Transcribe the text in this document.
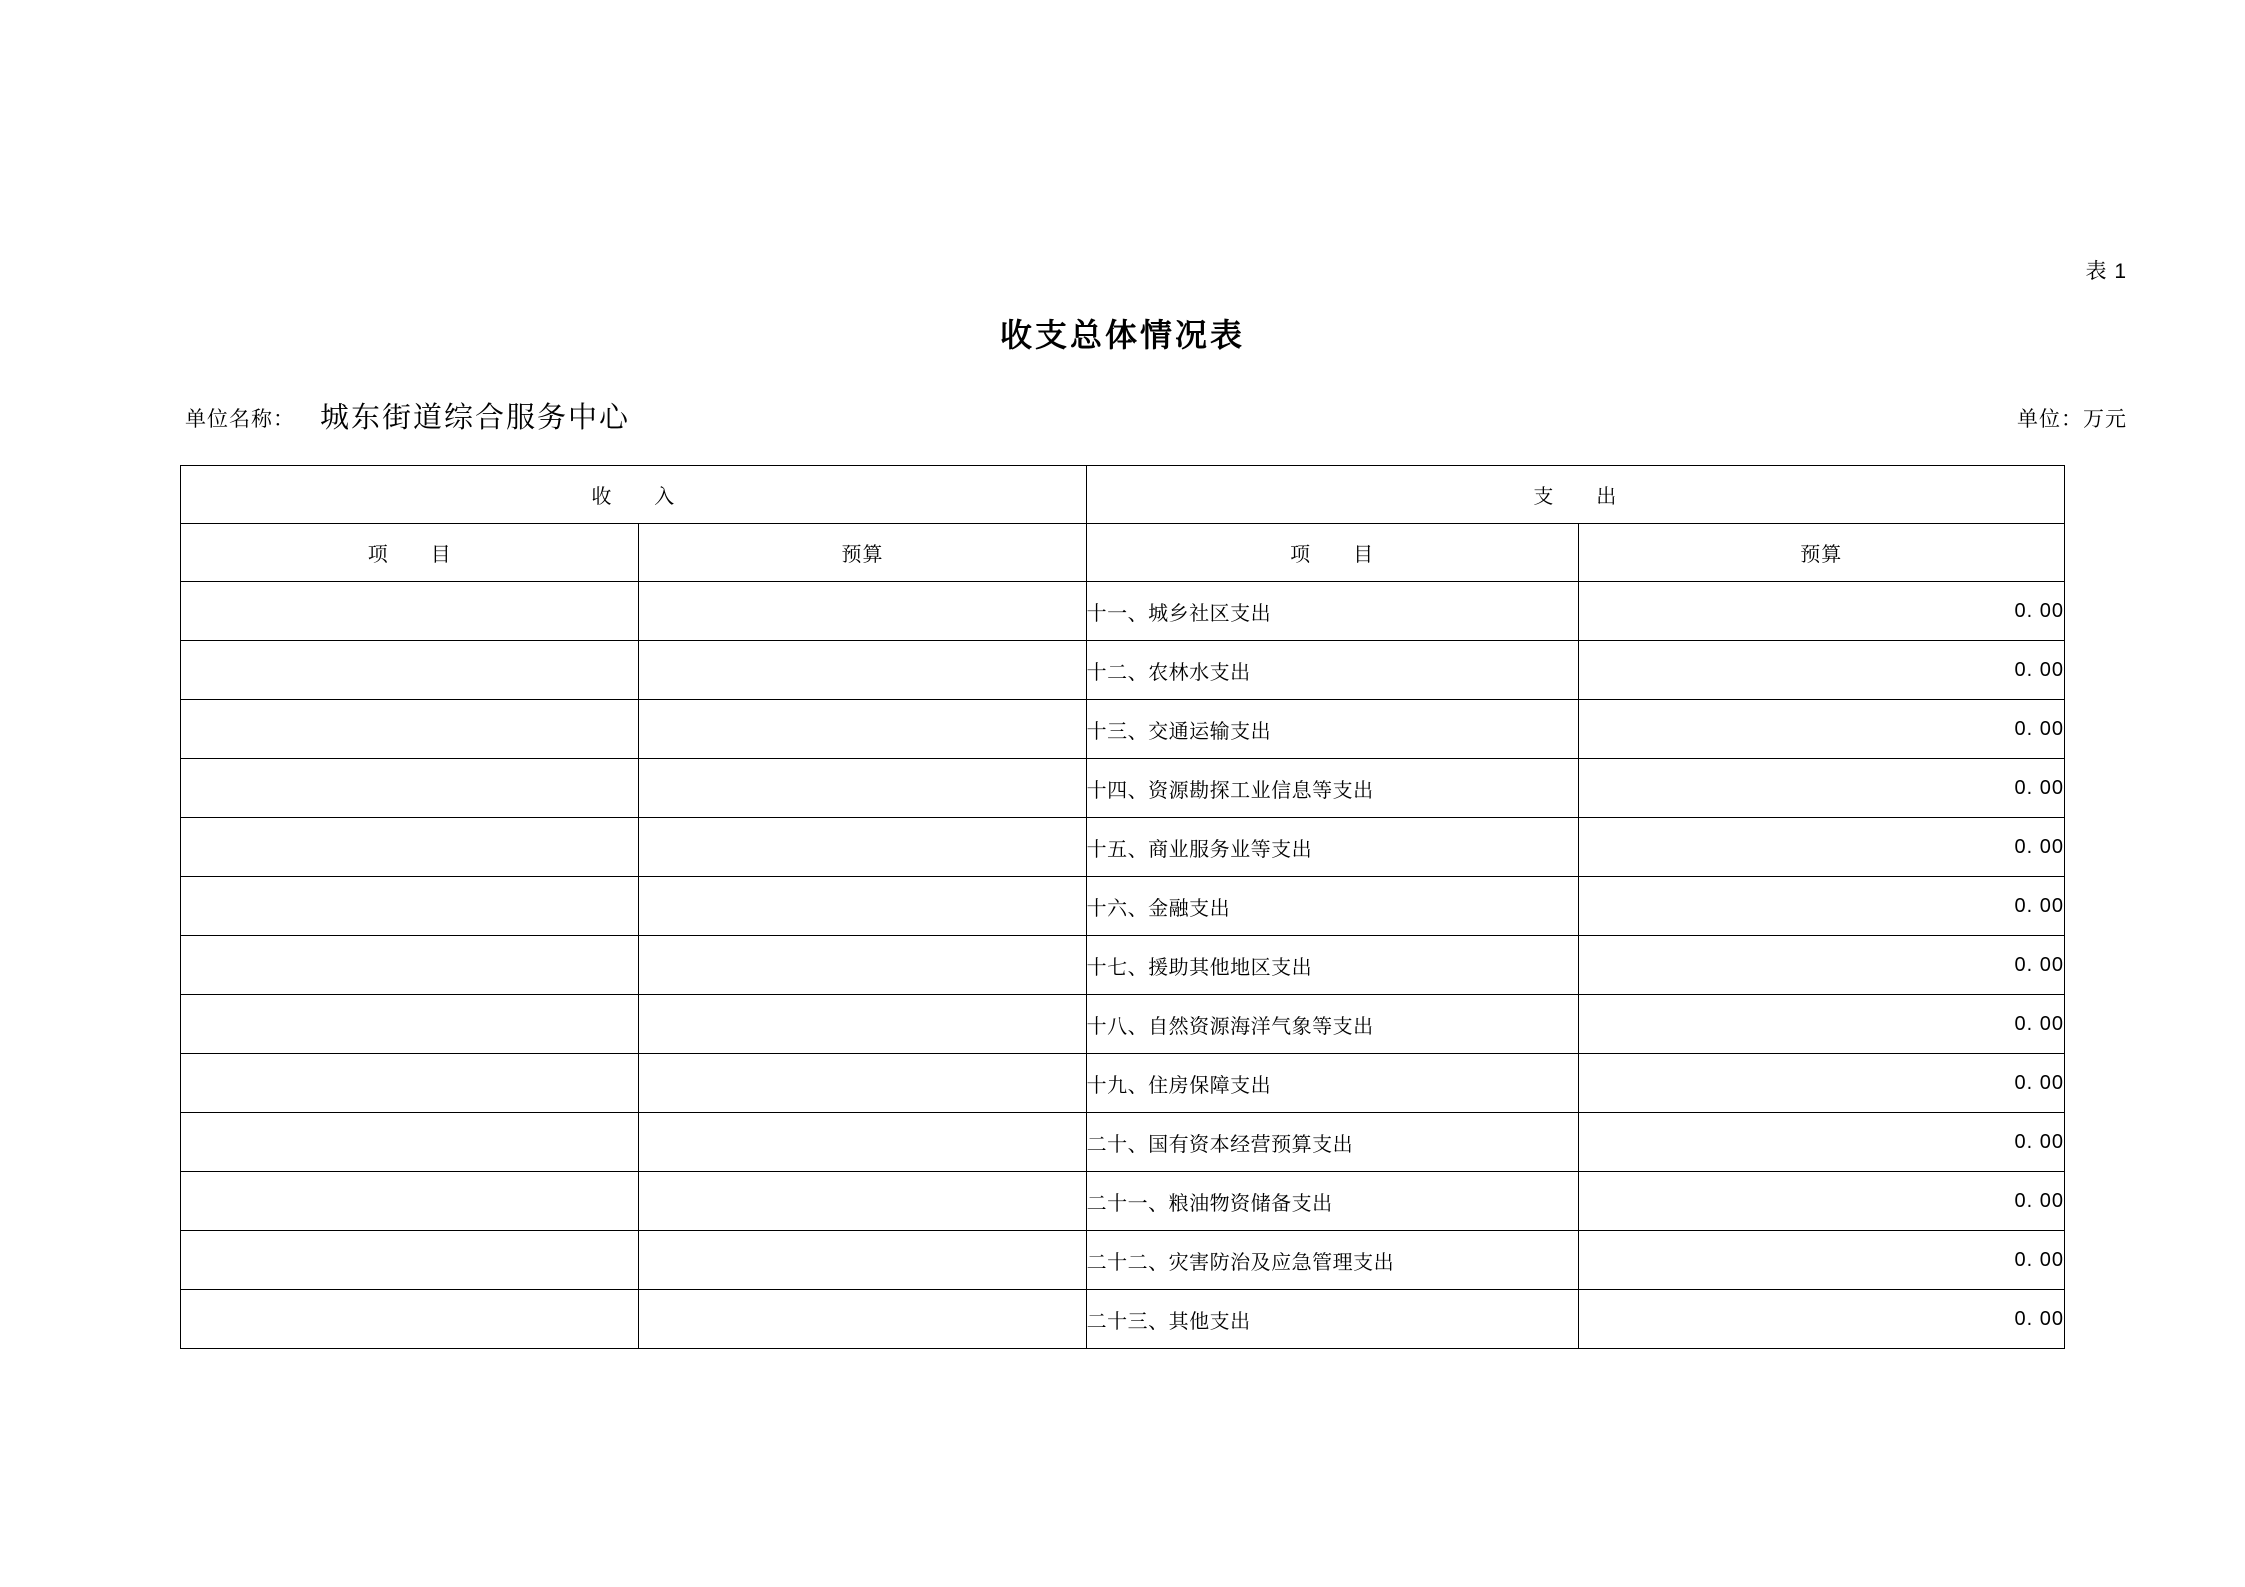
表 1
收支总体情况表
单位名称： 城东街道综合服务中心	单位：万元
收　　入		支　　出	
项　　目	预算	项　　目	预算
		十一、城乡社区支出	0. 00
		十二、农林水支出	0. 00
		十三、交通运输支出	0. 00
		十四、资源勘探工业信息等支出	0. 00
		十五、商业服务业等支出	0. 00
		十六、金融支出	0. 00
		十七、援助其他地区支出	0. 00
		十八、自然资源海洋气象等支出	0. 00
		十九、住房保障支出	0. 00
		二十、国有资本经营预算支出	0. 00
		二十一、粮油物资储备支出	0. 00
		二十二、灾害防治及应急管理支出	0. 00
		二十三、其他支出	0. 00
